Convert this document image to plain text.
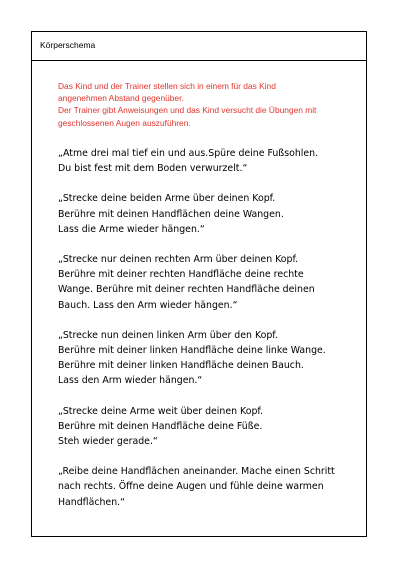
Körperschema
Das Kind und der Trainer stellen sich in einem für das Kind
angenehmen Abstand gegenüber.
Der Trainer gibt Anweisungen und das Kind versucht die Übungen mit
geschlossenen Augen auszuführen.
„Atme drei mal tief ein und aus.Spüre deine Fußsohlen.
Du bist fest mit dem Boden verwurzelt.“
„Strecke deine beiden Arme über deinen Kopf.
Berühre mit deinen Handflächen deine Wangen.
Lass die Arme wieder hängen.“
„Strecke nur deinen rechten Arm über deinen Kopf.
Berühre mit deiner rechten Handfläche deine rechte
Wange. Berühre mit deiner rechten Handfläche deinen
Bauch. Lass den Arm wieder hängen.“
„Strecke nun deinen linken Arm über den Kopf.
Berühre mit deiner linken Handfläche deine linke Wange.
Berühre mit deiner linken Handfläche deinen Bauch.
Lass den Arm wieder hängen.“
„Strecke deine Arme weit über deinen Kopf.
Berühre mit deinen Handfläche deine Füße.
Steh wieder gerade.“
„Reibe deine Handflächen aneinander. Mache einen Schritt
nach rechts. Öffne deine Augen und fühle deine warmen
Handflächen.“
